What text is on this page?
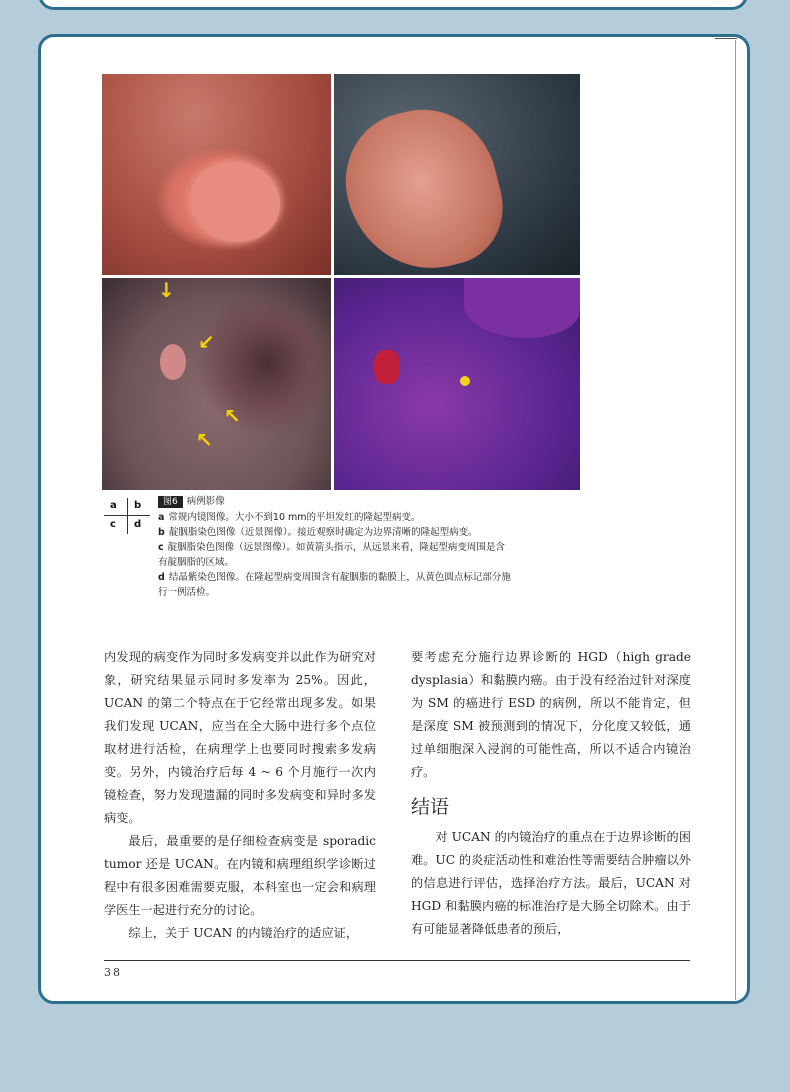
↓
↙
↖
↖
a b
c d
图6 病例影像
a 常规内镜图像。大小不到10 mm的平坦发红的隆起型病变。
b 靛胭脂染色图像（近景图像）。接近观察时确定为边界清晰的隆起型病变。
c 靛胭脂染色图像（远景图像）。如黄箭头指示，从远景来看，隆起型病变周围是含
有靛胭脂的区域。
d 结晶紫染色图像。在隆起型病变周围含有靛胭脂的黏膜上，从黄色圆点标记部分施
行一例活检。

内发现的病变作为同时多发病变并以此作为研究对象，研究结果显示同时多发率为 25%。因此，UCAN 的第二个特点在于它经常出现多发。如果我们发现 UCAN，应当在全大肠中进行多个点位取材进行活检，在病理学上也要同时搜索多发病变。另外，内镜治疗后每 4 ~ 6 个月施行一次内镜检查，努力发现遗漏的同时多发病变和异时多发病变。

最后，最重要的是仔细检查病变是 sporadic tumor 还是 UCAN。在内镜和病理组织学诊断过程中有很多困难需要克服，本科室也一定会和病理学医生一起进行充分的讨论。

综上，关于 UCAN 的内镜治疗的适应证，

要考虑充分施行边界诊断的 HGD（high grade dysplasia）和黏膜内癌。由于没有经治过针对深度为 SM 的癌进行 ESD 的病例，所以不能肯定，但是深度 SM 被预测到的情况下，分化度又较低，通过单细胞深入浸润的可能性高，所以不适合内镜治疗。

结语

对 UCAN 的内镜治疗的重点在于边界诊断的困难。UC 的炎症活动性和难治性等需要结合肿瘤以外的信息进行评估，选择治疗方法。最后，UCAN 对 HGD 和黏膜内癌的标准治疗是大肠全切除术。由于有可能显著降低患者的预后，

38
